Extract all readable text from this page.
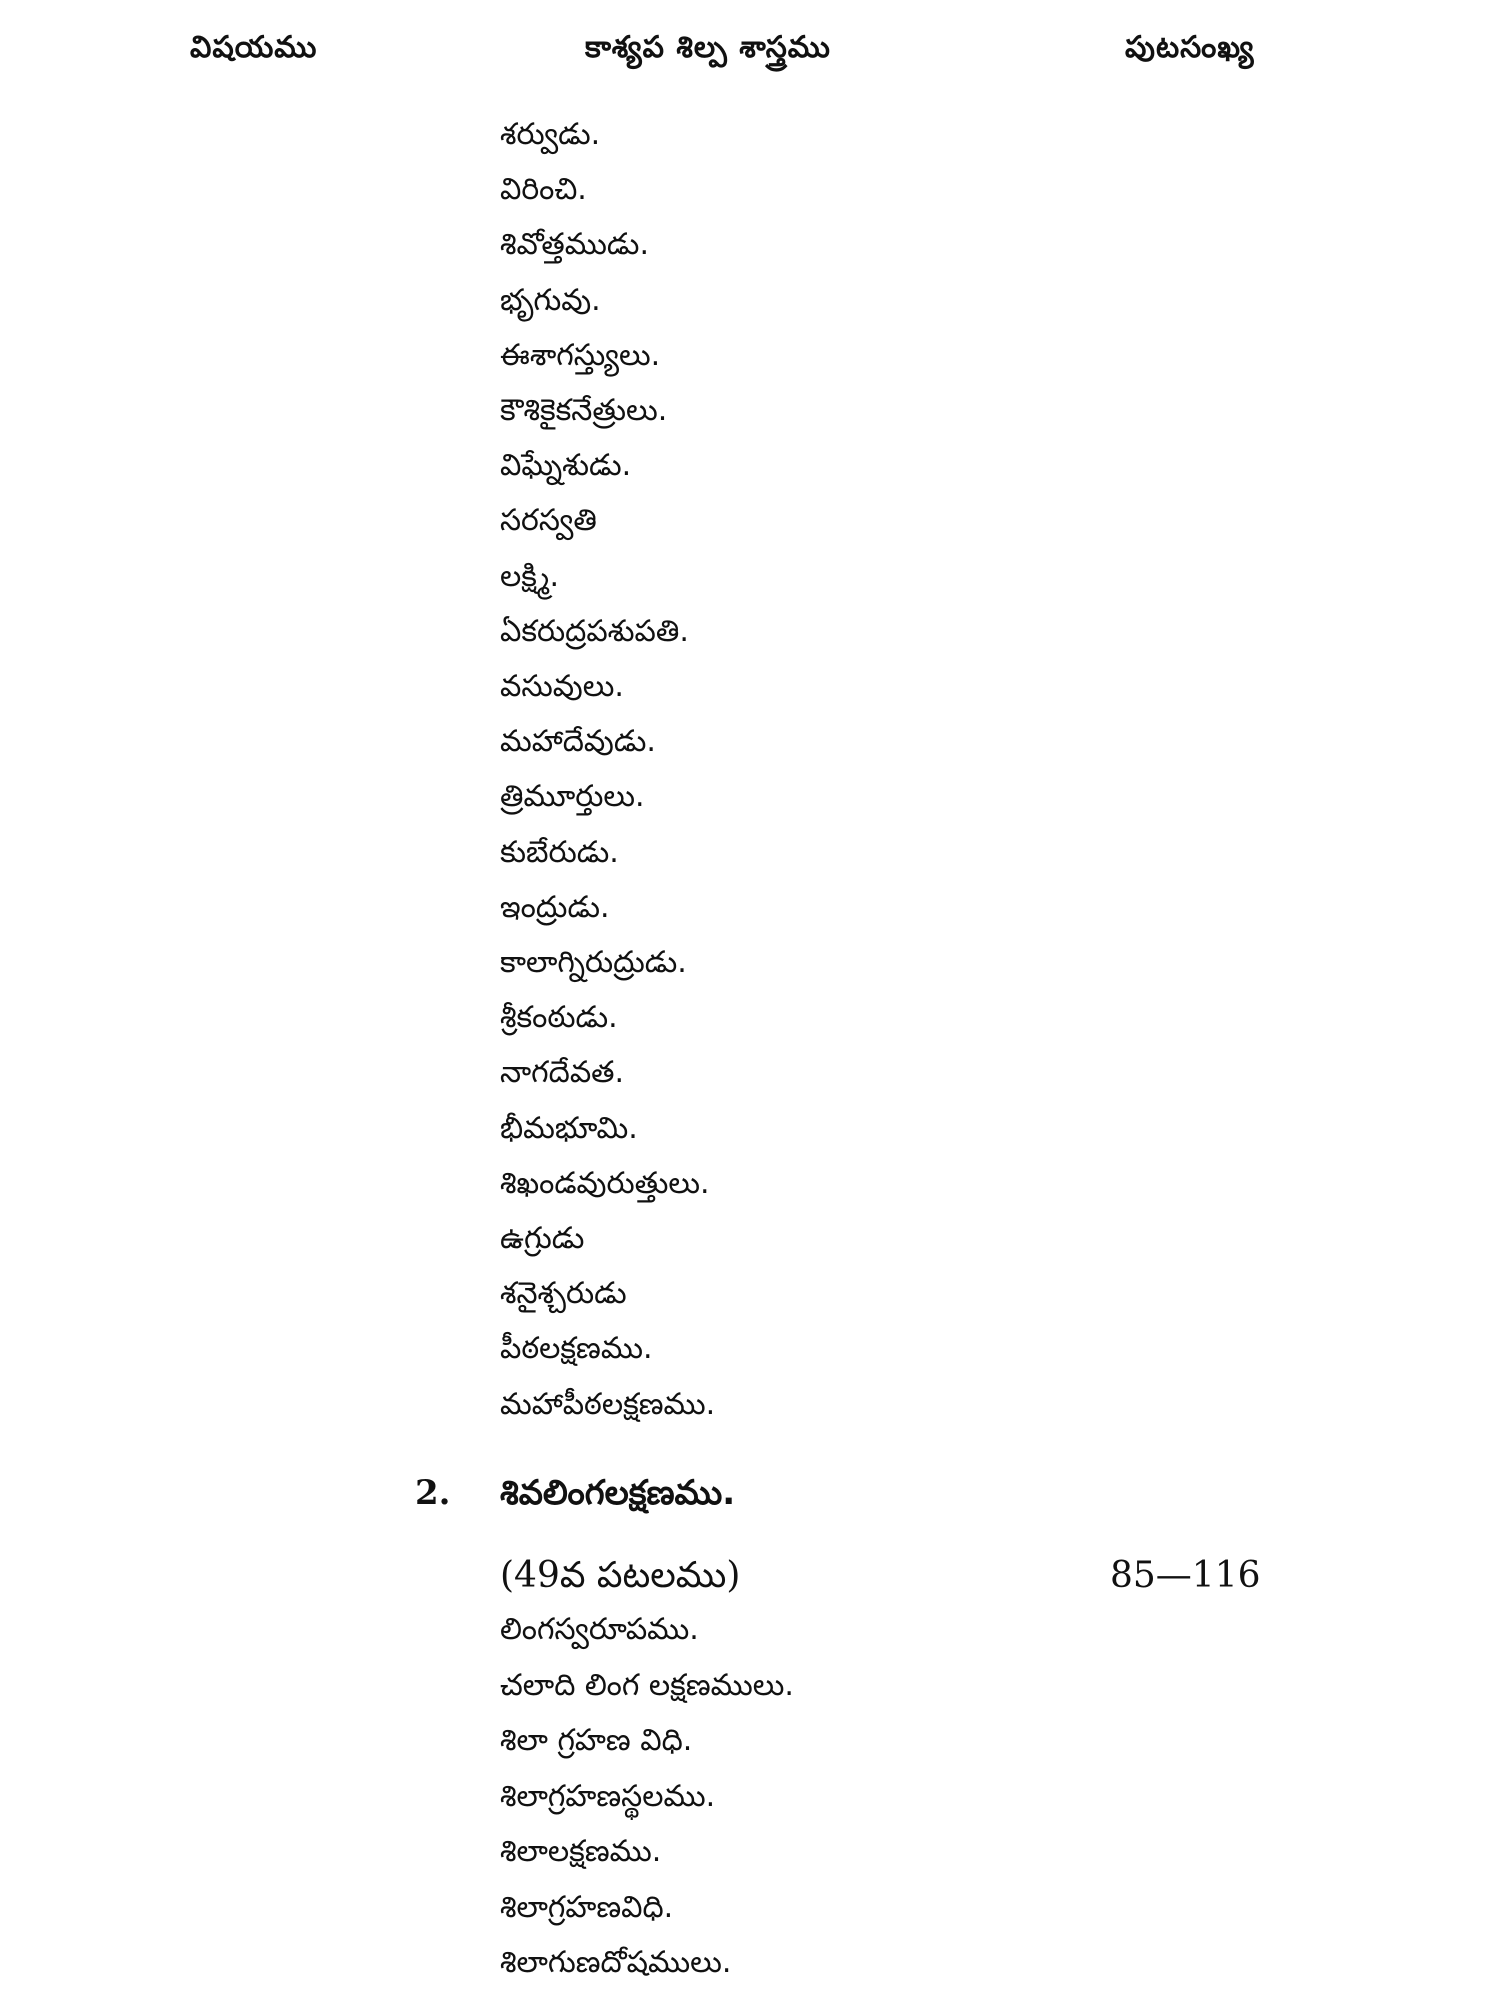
విషయము	కాశ్యప శిల్ప శాస్త్రము	పుటసంఖ్య
శర్వుడు.
విరించి.
శివోత్తముడు.
భృగువు.
ఈశాగస్త్యులు.
కౌశికైకనేత్రులు.
విఘ్నేశుడు.
సరస్వతి
లక్ష్మి.
ఏకరుద్రపశుపతి.
వసువులు.
మహాదేవుడు.
త్రిమూర్తులు.
కుబేరుడు.
ఇంద్రుడు.
కాలాగ్నిరుద్రుడు.
శ్రీకంఠుడు.
నాగదేవత.
భీమభూమి.
శిఖండవురుత్తులు.
ఉగ్రుడు
శనైశ్చరుడు
పీఠలక్షణము.
మహాపీఠలక్షణము.
2. శివలింగలక్షణము.
(49వ పటలము)	85—116
లింగస్వరూపము.
చలాది లింగ లక్షణములు.
శిలా గ్రహణ విధి.
శిలాగ్రహణస్థలము.
శిలాలక్షణము.
శిలాగ్రహణవిధి.
శిలాగుణదోషములు.
